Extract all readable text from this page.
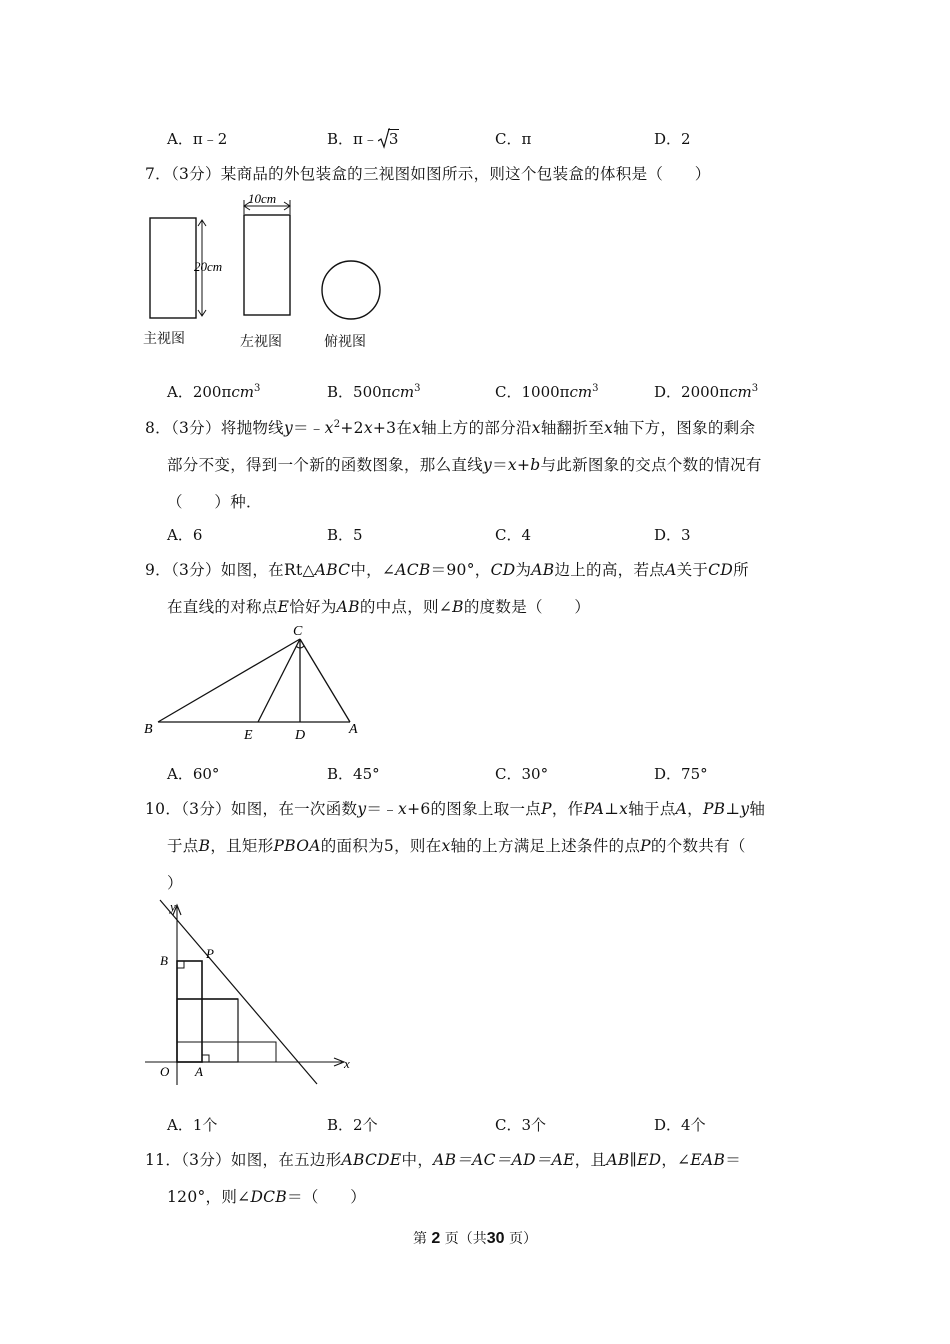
A．π﹣2	B．π﹣ 3	C．π	D．2
7．（3分）某商品的外包装盒的三视图如图所示，则这个包装盒的体积是（　　）
10cm
20cm
主视图	左视图	俯视图
A．200πcm$^3$	B．500πcm$^3$	C．1000πcm$^3$	D．2000πcm$^3$
8．（3分）将抛物线$y=﹣x^2+2x+3$在x轴上方的部分沿x轴翻折至x轴下方，图象的剩余
部分不变，得到一个新的函数图象，那么直线y＝x+b与此新图象的交点个数的情况有
（　　）种．
A．6	B．5	C．4	D．3
9．（3分）如图，在Rt△ABC中，∠ACB＝90°，CD为AB边上的高，若点A关于CD所
在直线的对称点E恰好为AB的中点，则∠B的度数是（　　）
C
B	E	D	A
A．60°	B．45°	C．30°	D．75°
10．（3分）如图，在一次函数y＝﹣x+6的图象上取一点P，作PA⊥x轴于点A，PB⊥y轴
于点B，且矩形PBOA的面积为5，则在x轴的上方满足上述条件的点P的个数共有（
）
y
x
P
B
O A
A．1个	B．2个	C．3个	D．4个
11．（3分）如图，在五边形ABCDE中，AB＝AC＝AD＝AE，且AB∥ED，∠EAB＝
120°，则∠DCB＝（　　）
第 2 页（共30 页）
